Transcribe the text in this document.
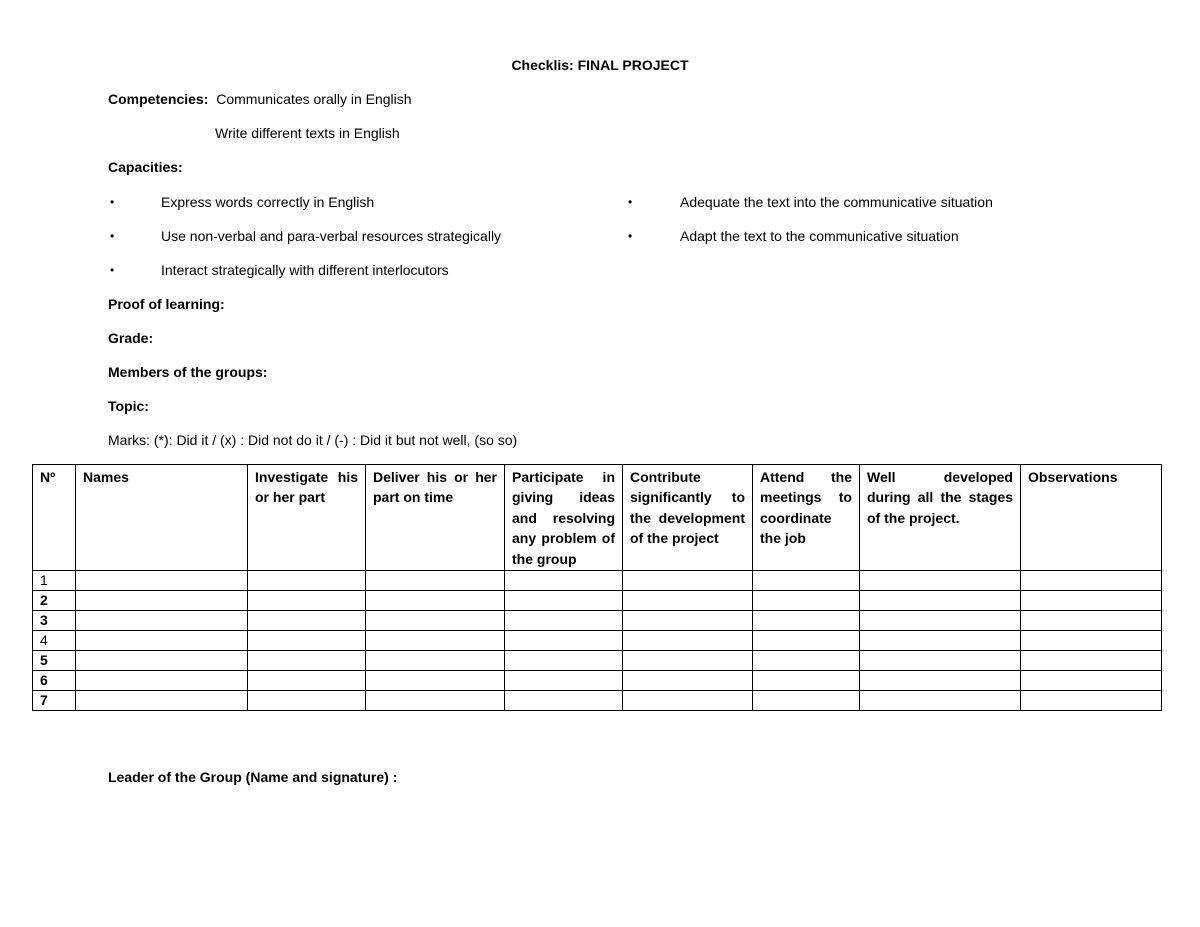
Checklis: FINAL PROJECT
Competencies: Communicates orally in English
Write different texts in English
Capacities:
•	Express words correctly in English
•	Use non-verbal and para-verbal resources strategically
•	Interact strategically with different interlocutors
•	Adequate the text into the communicative situation
•	Adapt the text to the communicative situation
Proof of learning:
Grade:
Members of the groups:
Topic:
Marks: (*): Did it / (x) : Did not do it / (-) : Did it but not well, (so so)
Nº	Names	Investigate his or her part	Deliver his or her part on time	Participate in giving ideas and resolving any problem of the group	Contribute significantly to the development of the project	Attend the meetings to coordinate the job	Well developed during all the stages of the project.	Observations
1								
2								
3								
4								
5								
6								
7								
Leader of the Group (Name and signature) :
